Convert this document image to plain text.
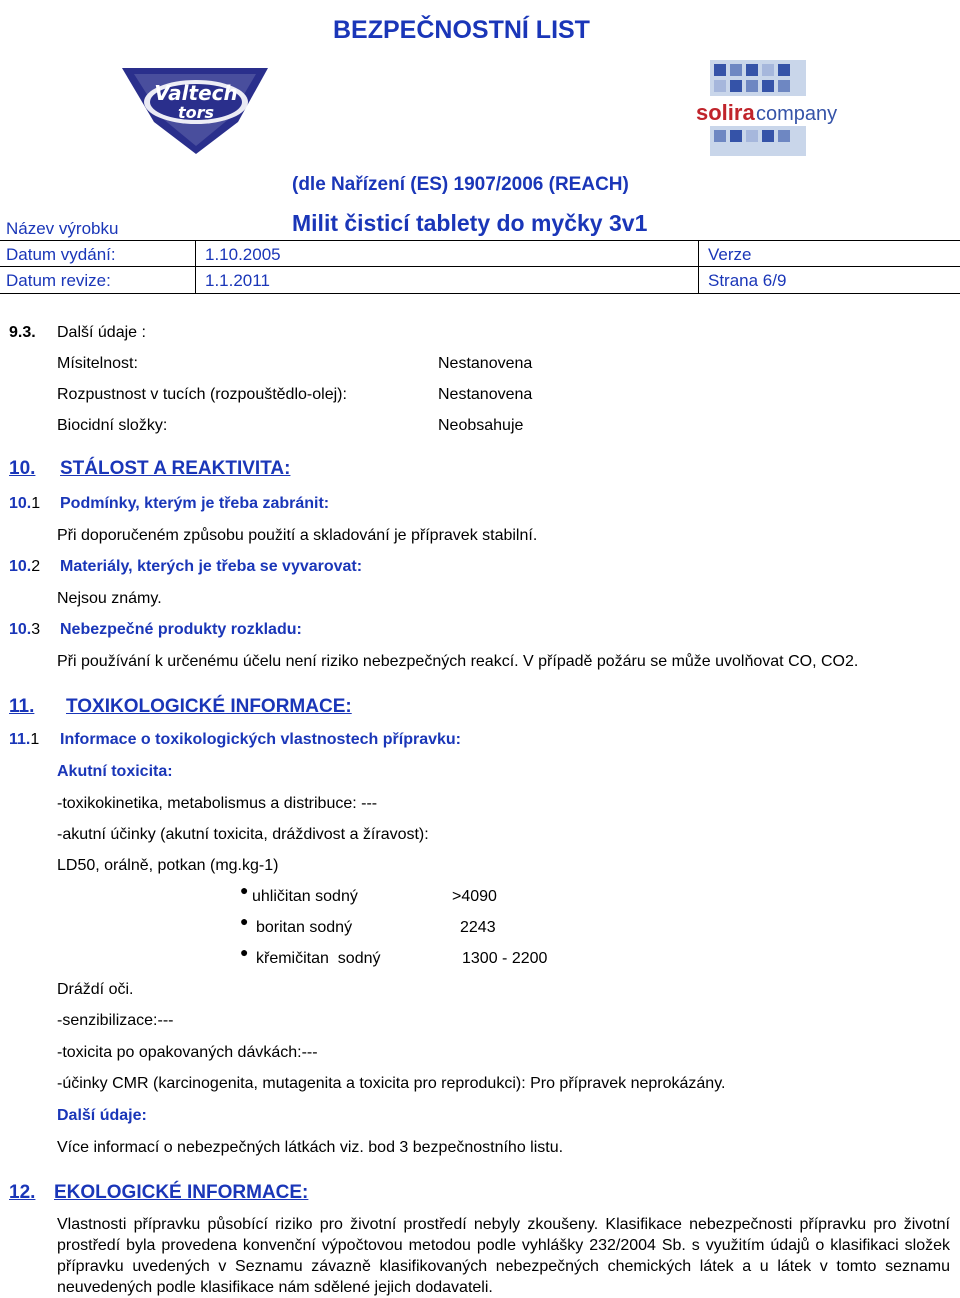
BEZPEČNOSTNÍ LIST
Valtech
tors	solira company
(dle Nařízení (ES) 1907/2006 (REACH)
Název výrobku	Milit čisticí tablety do myčky 3v1
Datum vydání:	1.10.2005	Verze
Datum revize:	1.1.2011	Strana 6/9
9.3. Další údaje :
Mísitelnost:	Nestanovena
Rozpustnost v tucích (rozpouštědlo-olej):	Nestanovena
Biocidní složky:	Neobsahuje
10. STÁLOST A REAKTIVITA:
10.1 Podmínky, kterým je třeba zabránit:
Při doporučeném způsobu použití a skladování je přípravek stabilní.
10.2 Materiály, kterých je třeba se vyvarovat:
Nejsou známy.
10.3 Nebezpečné produkty rozkladu:
Při používání k určenému účelu není riziko nebezpečných reakcí. V případě požáru se může uvolňovat CO, CO2.
11. TOXIKOLOGICKÉ INFORMACE:
11.1 Informace o toxikologických vlastnostech přípravku:
Akutní toxicita:
-toxikokinetika, metabolismus a distribuce: ---
-akutní účinky (akutní toxicita, dráždivost a žíravost):
LD50, orálně, potkan (mg.kg-1)
● uhličitan sodný	>4090
● boritan sodný	2243
● křemičitan  sodný	1300 - 2200
Dráždí oči.
-senzibilizace:---
-toxicita po opakovaných dávkách:---
-účinky CMR (karcinogenita, mutagenita a toxicita pro reprodukci): Pro přípravek neprokázány.
Další údaje:
Více informací o nebezpečných látkách viz. bod 3 bezpečnostního listu.
12. EKOLOGICKÉ INFORMACE:
Vlastnosti přípravku působící riziko pro životní prostředí nebyly zkoušeny. Klasifikace nebezpečnosti přípravku pro životní prostředí byla provedena konvenční výpočtovou metodou podle vyhlášky 232/2004 Sb. s využitím údajů o klasifikaci složek přípravku uvedených v Seznamu závazně klasifikovaných nebezpečných chemických látek a u látek v tomto seznamu neuvedených podle klasifikace nám sdělené jejich dodavateli.
